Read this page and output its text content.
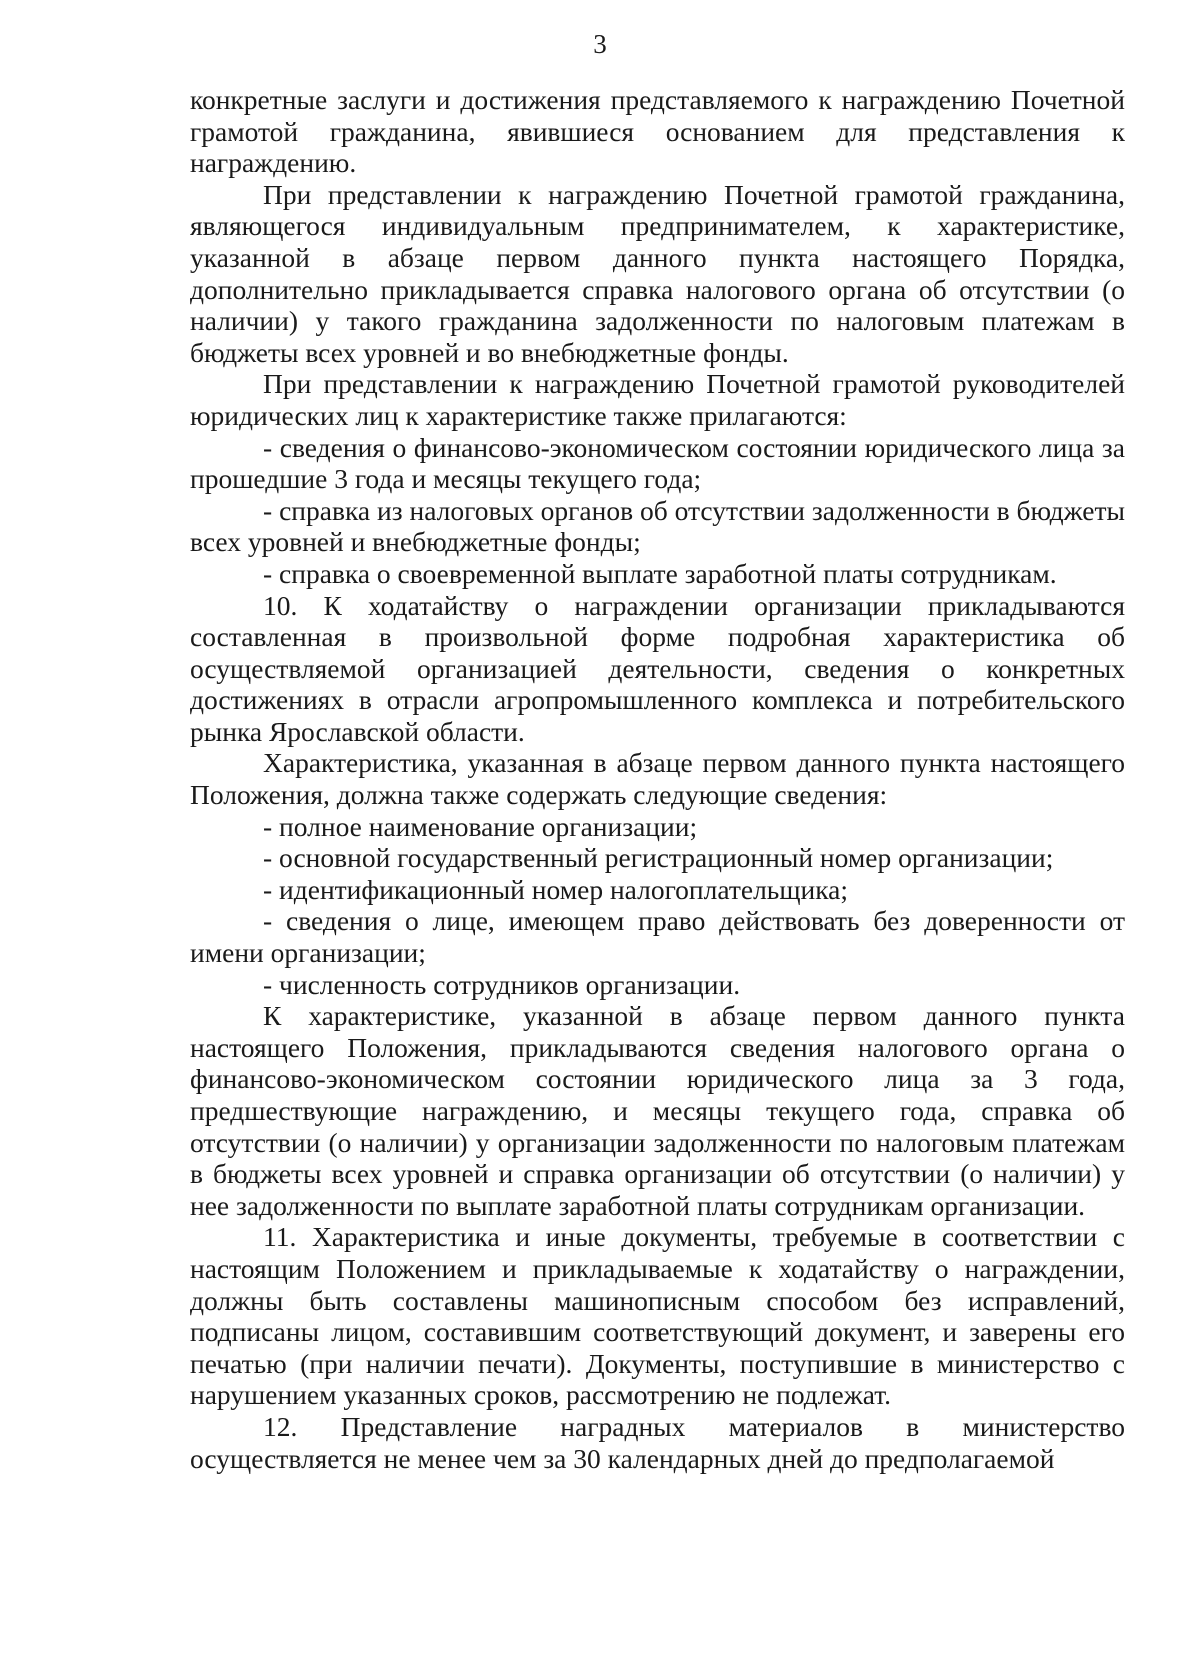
3

конкретные заслуги и достижения представляемого к награждению Почетной грамотой гражданина, явившиеся основанием для представления к награждению.

При представлении к награждению Почетной грамотой гражданина, являющегося индивидуальным предпринимателем, к характеристике, указанной в абзаце первом данного пункта настоящего Порядка, дополнительно прикладывается справка налогового органа об отсутствии (о наличии) у такого гражданина задолженности по налоговым платежам в бюджеты всех уровней и во внебюджетные фонды.

При представлении к награждению Почетной грамотой руководителей юридических лиц к характеристике также прилагаются:

- сведения о финансово-экономическом состоянии юридического лица за прошедшие 3 года и месяцы текущего года;

- справка из налоговых органов об отсутствии задолженности в бюджеты всех уровней и внебюджетные фонды;

- справка о своевременной выплате заработной платы сотрудникам.

10. К ходатайству о награждении организации прикладываются составленная в произвольной форме подробная характеристика об осуществляемой организацией деятельности, сведения о конкретных достижениях в отрасли агропромышленного комплекса и потребительского рынка Ярославской области.

Характеристика, указанная в абзаце первом данного пункта настоящего Положения, должна также содержать следующие сведения:

- полное наименование организации;

- основной государственный регистрационный номер организации;

- идентификационный номер налогоплательщика;

- сведения о лице, имеющем право действовать без доверенности от имени организации;

- численность сотрудников организации.

К характеристике, указанной в абзаце первом данного пункта настоящего Положения, прикладываются сведения налогового органа о финансово-экономическом состоянии юридического лица за 3 года, предшествующие награждению, и месяцы текущего года, справка об отсутствии (о наличии) у организации задолженности по налоговым платежам в бюджеты всех уровней и справка организации об отсутствии (о наличии) у нее задолженности по выплате заработной платы сотрудникам организации.

11. Характеристика и иные документы, требуемые в соответствии с настоящим Положением и прикладываемые к ходатайству о награждении, должны быть составлены машинописным способом без исправлений, подписаны лицом, составившим соответствующий документ, и заверены его печатью (при наличии печати). Документы, поступившие в министерство с нарушением указанных сроков, рассмотрению не подлежат.

12. Представление наградных материалов в министерство осуществляется не менее чем за 30 календарных дней до предполагаемой
